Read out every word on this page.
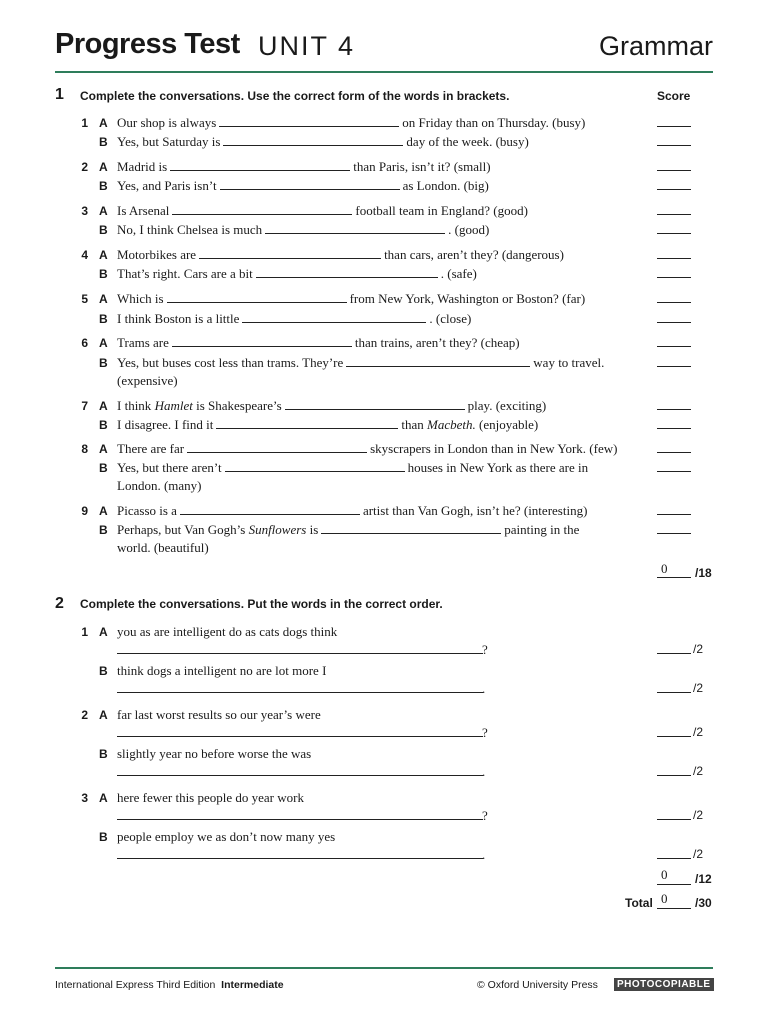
Progress Test UNIT 4	Grammar
1 Complete the conversations. Use the correct form of the words in brackets.	Score
1 A Our shop is always	on Friday than on Thursday. (busy)
B Yes, but Saturday is	day of the week. (busy)
2 A Madrid is	than Paris, isn’t it? (small)
B Yes, and Paris isn’t	as London. (big)
3 A Is Arsenal	football team in England? (good)
B No, I think Chelsea is much	. (good)
4 A Motorbikes are	than cars, aren’t they? (dangerous)
B That’s right. Cars are a bit	. (safe)
5 A Which is	from New York, Washington or Boston? (far)
B I think Boston is a little	. (close)
6 A Trams are	than trains, aren’t they? (cheap)
B Yes, but buses cost less than trams. They’re	way to travel.
(expensive)
7 A I think Hamlet is Shakespeare’s	play. (exciting)
B I disagree. I find it	than Macbeth. (enjoyable)
8 A There are far	skyscrapers in London than in New York. (few)
B Yes, but there aren’t	houses in New York as there are in
London. (many)
9 A Picasso is a	artist than Van Gogh, isn’t he? (interesting)
B Perhaps, but Van Gogh’s Sunflowers is	painting in the
world. (beautiful)
0 /18
2 Complete the conversations. Put the words in the correct order.
1 A you as are intelligent do as cats dogs think
?	/2
B think dogs a intelligent no are lot more I
.	/2
2 A far last worst results so our year’s were
?	/2
B slightly year no before worse the was
.	/2
3 A here fewer this people do year work
?	/2
B people employ we as don’t now many yes
.	/2
0 /12
Total 0 /30
International Express Third Edition Intermediate	© Oxford University Press	PHOTOCOPIABLE
